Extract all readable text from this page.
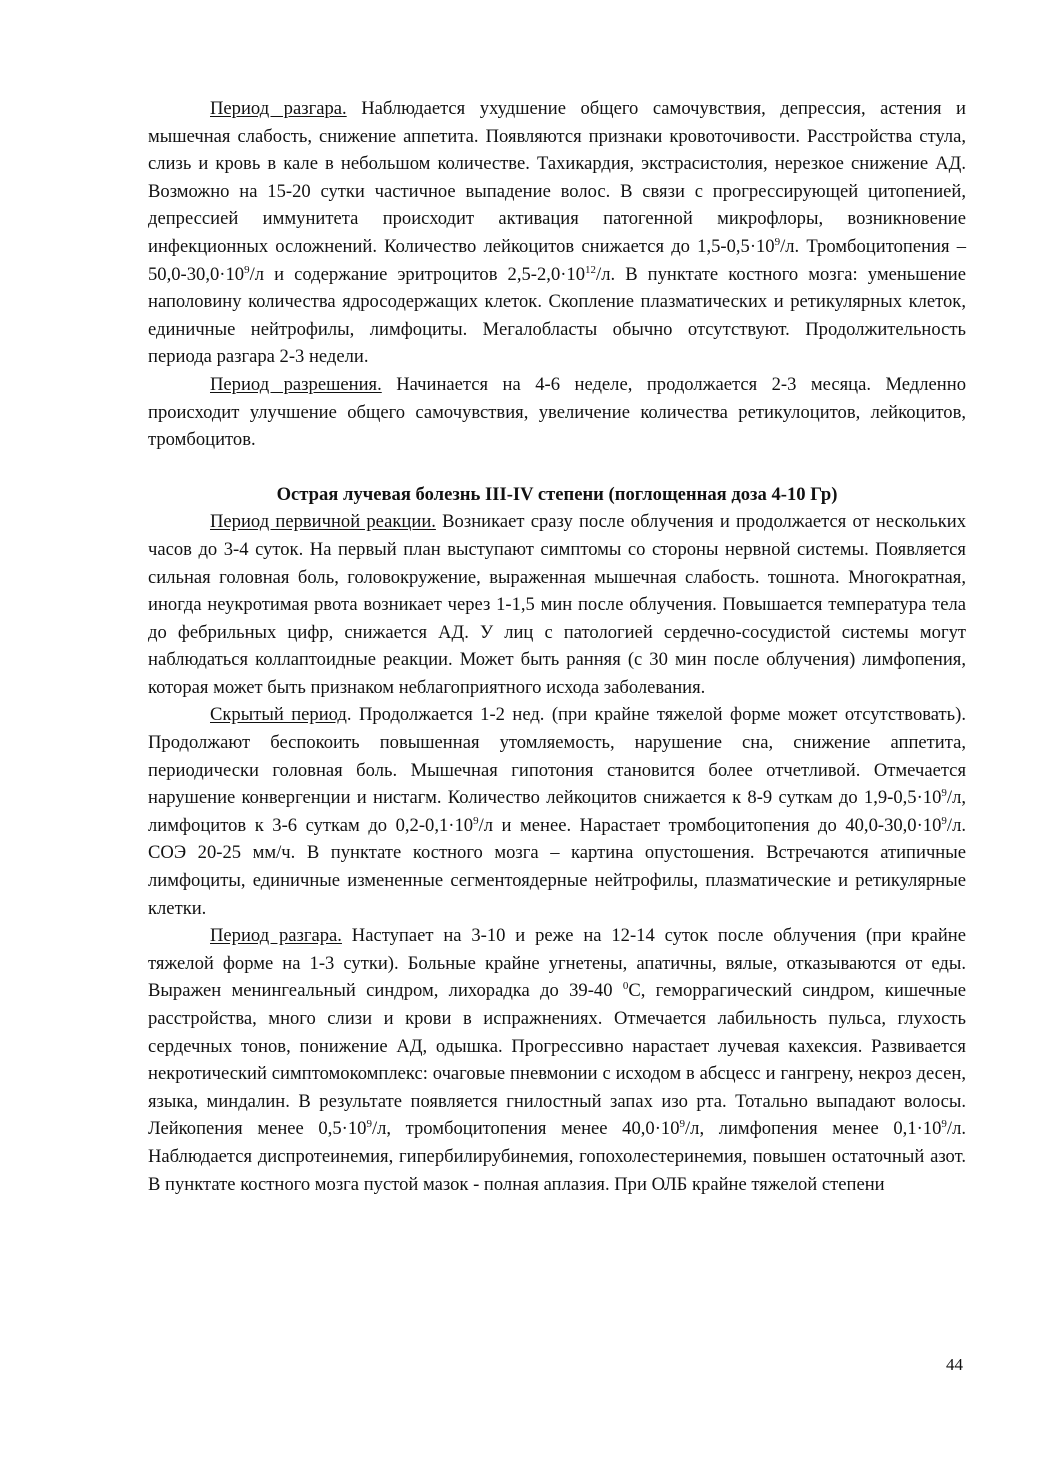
Период разгара. Наблюдается ухудшение общего самочувствия, депрессия, астения и мышечная слабость, снижение аппетита. Появляются признаки кровоточивости. Расстройства стула, слизь и кровь в кале в небольшом количестве. Тахикардия, экстрасистолия, нерезкое снижение АД. Возможно на 15-20 сутки частичное выпадение волос. В связи с прогрессирующей цитопенией, депрессией иммунитета происходит активация патогенной микрофлоры, возникновение инфекционных осложнений. Количество лейкоцитов снижается до $1,5-0,5\cdot 10^9/л$. Тромбоцитопения – $50,0-30,0\cdot 10^9/л$ и содержание эритроцитов $2,5-2,0\cdot 10^{12}/л$. В пунктате костного мозга: уменьшение наполовину количества ядросодержащих клеток. Скопление плазматических и ретикулярных клеток, единичные нейтрофилы, лимфоциты. Мегалобласты обычно отсутствуют. Продолжительность периода разгара 2-3 недели.

Период разрешения. Начинается на 4-6 неделе, продолжается 2-3 месяца. Медленно происходит улучшение общего самочувствия, увеличение количества ретикулоцитов, лейкоцитов, тромбоцитов.

Острая лучевая болезнь III-IV степени (поглощенная доза 4-10 Гр)

Период первичной реакции. Возникает сразу после облучения и продолжается от нескольких часов до 3-4 суток. На первый план выступают симптомы со стороны нервной системы. Появляется сильная головная боль, головокружение, выраженная мышечная слабость. тошнота. Многократная, иногда неукротимая рвота возникает через 1-1,5 мин после облучения. Повышается температура тела до фебрильных цифр, снижается АД. У лиц с патологией сердечно-сосудистой системы могут наблюдаться коллаптоидные реакции. Может быть ранняя (с 30 мин после облучения) лимфопения, которая может быть признаком неблагоприятного исхода заболевания.

Скрытый период. Продолжается 1-2 нед. (при крайне тяжелой форме может отсутствовать). Продолжают беспокоить повышенная утомляемость, нарушение сна, снижение аппетита, периодически головная боль. Мышечная гипотония становится более отчетливой. Отмечается нарушение конвергенции и нистагм. Количество лейкоцитов снижается к 8-9 суткам до $1,9-0,5\cdot 10^9/л$, лимфоцитов к 3-6 суткам до $0,2-0,1\cdot 10^9/л$ и менее. Нарастает тромбоцитопения до $40,0-30,0\cdot 10^9/л$. СОЭ 20-25 мм/ч. В пунктате костного мозга – картина опустошения. Встречаются атипичные лимфоциты, единичные измененные сегментоядерные нейтрофилы, плазматические и ретикулярные клетки.

Период разгара. Наступает на 3-10 и реже на 12-14 суток после облучения (при крайне тяжелой форме на 1-3 сутки). Больные крайне угнетены, апатичны, вялые, отказываются от еды. Выражен менингеальный синдром, лихорадка до 39-40 $^0$С, геморрагический синдром, кишечные расстройства, много слизи и крови в испражнениях. Отмечается лабильность пульса, глухость сердечных тонов, понижение АД, одышка. Прогрессивно нарастает лучевая кахексия. Развивается некротический симптомокомплекс: очаговые пневмонии с исходом в абсцесс и гангрену, некроз десен, языка, миндалин. В результате появляется гнилостный запах изо рта. Тотально выпадают волосы. Лейкопения менее $0,5\cdot 10^9/л$, тромбоцитопения менее $40,0\cdot 10^9/л$, лимфопения менее $0,1\cdot 10^9/л$. Наблюдается диспротеинемия, гипербилирубинемия, гопохолестеринемия, повышен остаточный азот. В пунктате костного мозга пустой мазок - полная аплазия. При ОЛБ крайне тяжелой степени

44
